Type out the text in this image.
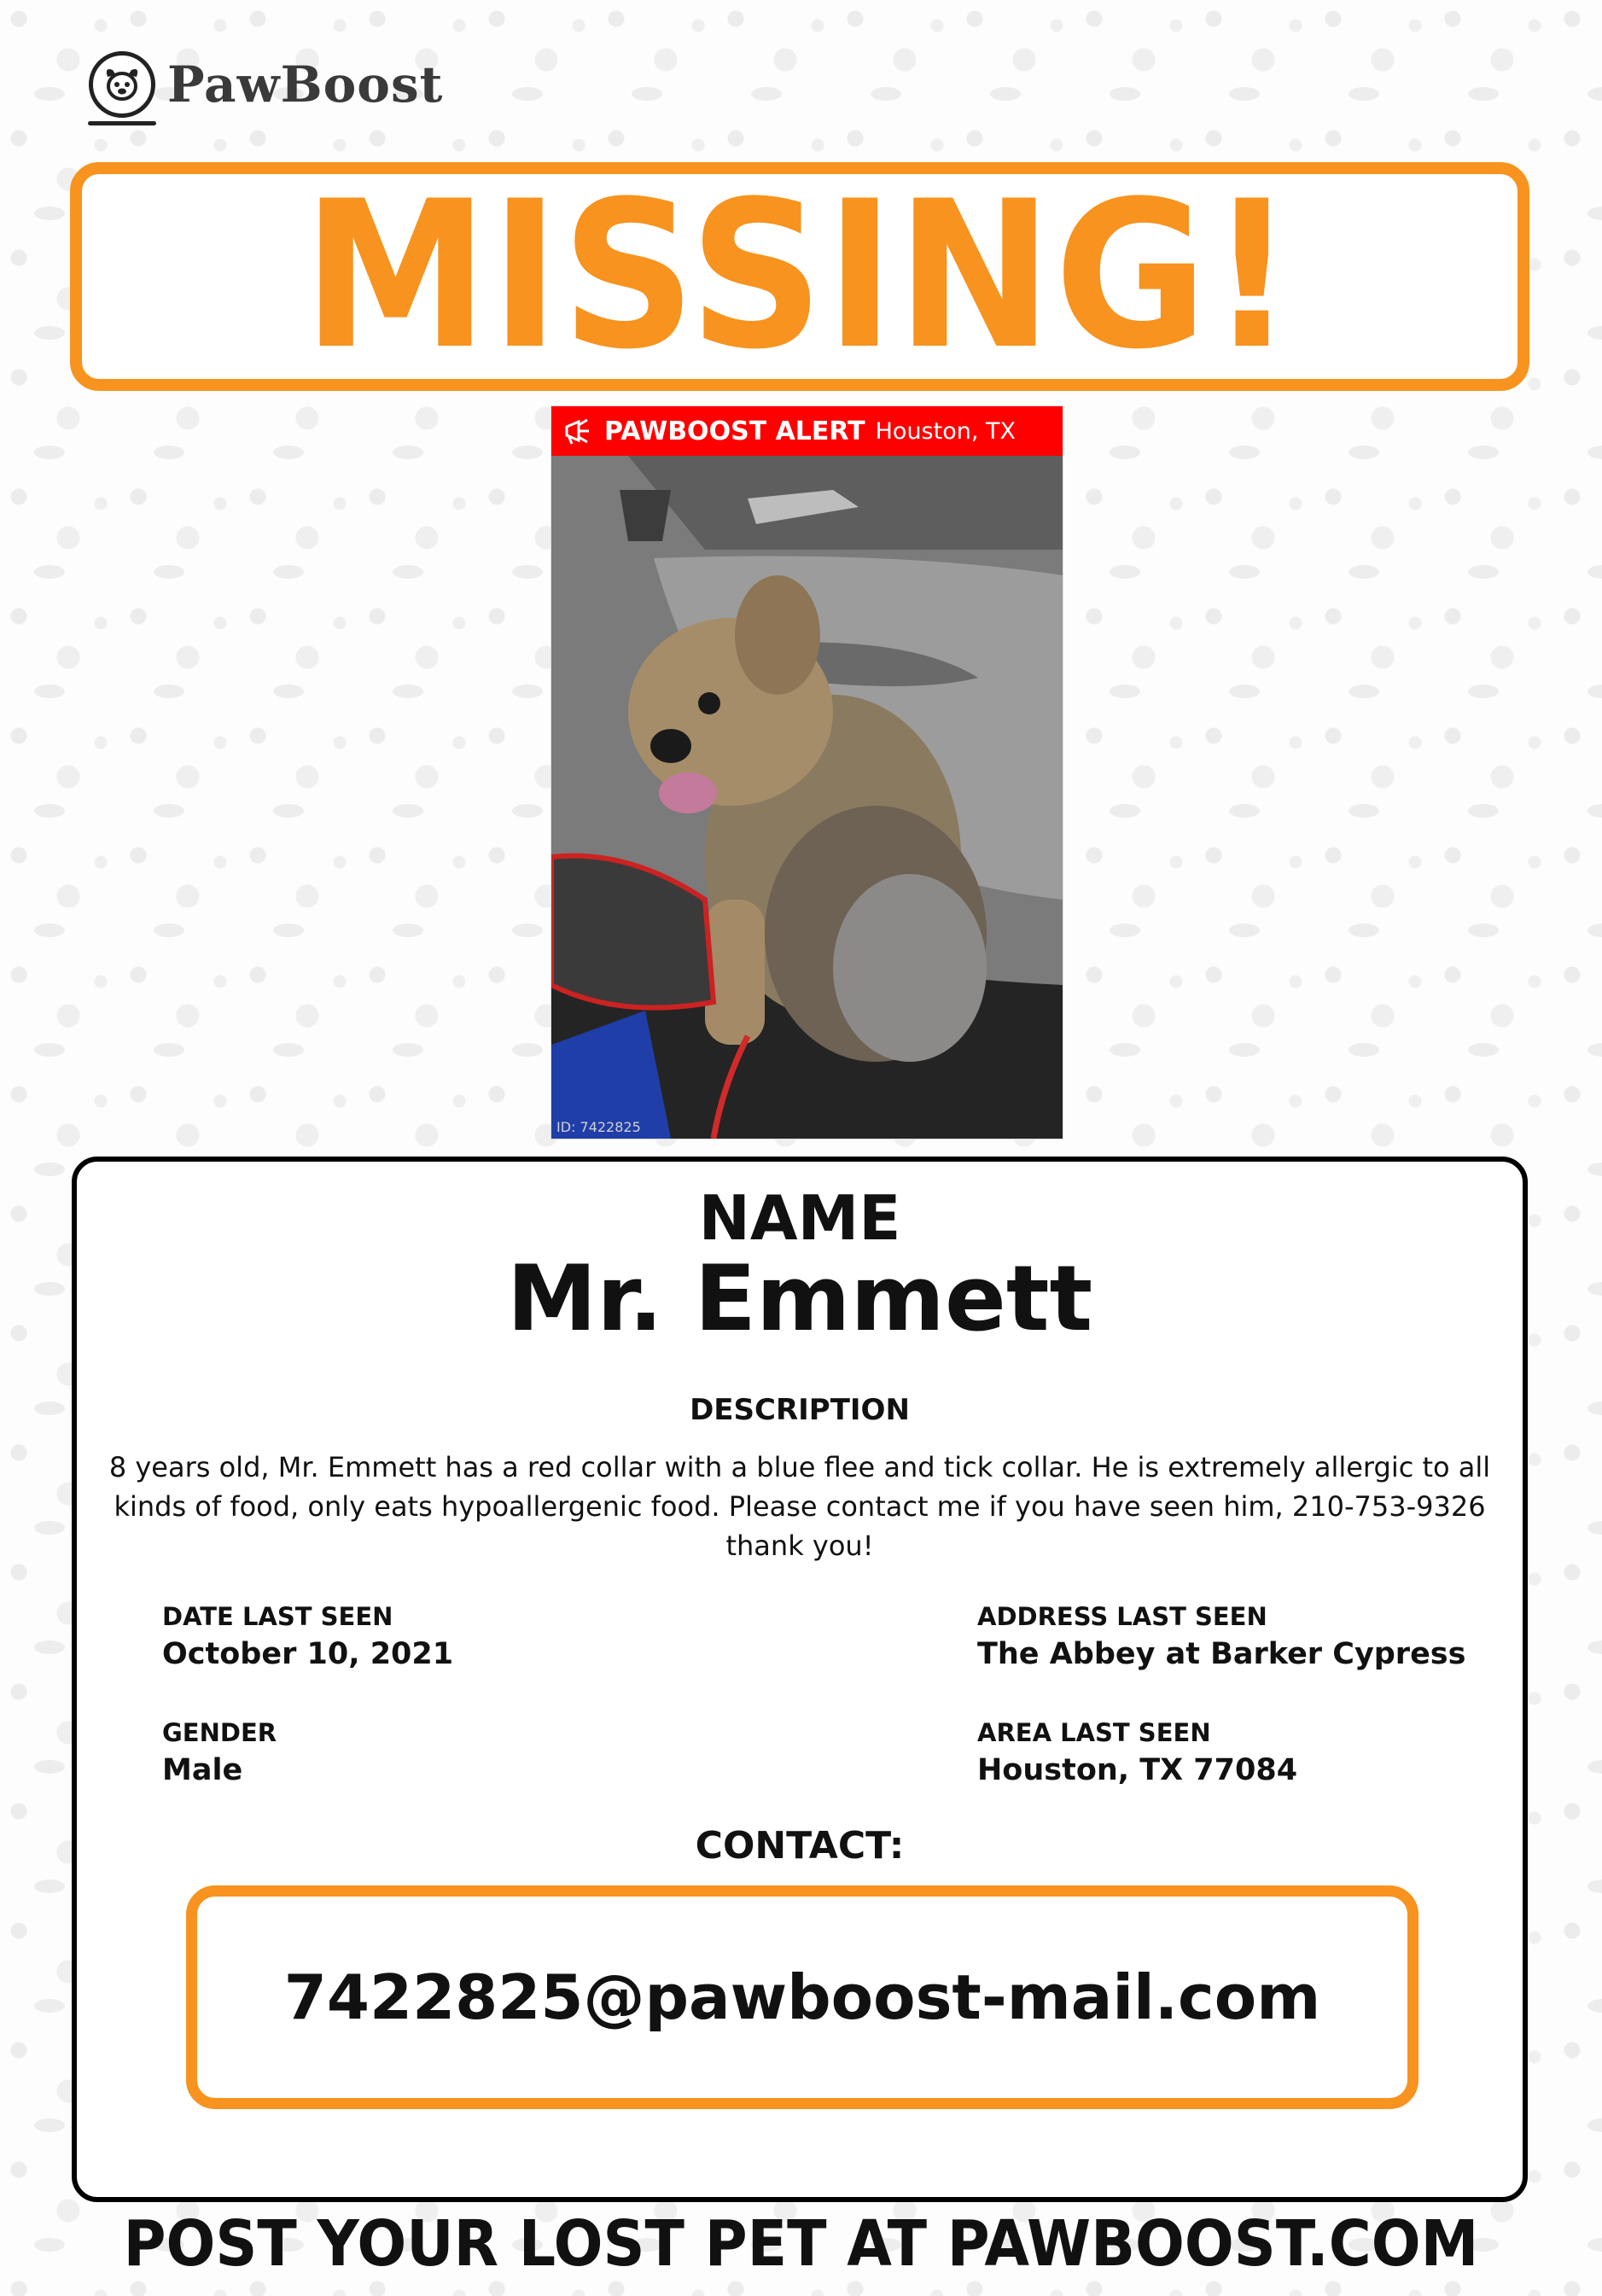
PawBoost
MISSING!
PAWBOOST ALERT Houston, TX
ID: 7422825
NAME
Mr. Emmett
DESCRIPTION
8 years old, Mr. Emmett has a red collar with a blue flee and tick collar. He is extremely allergic to all kinds of food, only eats hypoallergenic food. Please contact me if you have seen him, 210-753-9326 thank you!
DATE LAST SEEN
October 10, 2021
GENDER
Male
ADDRESS LAST SEEN
The Abbey at Barker Cypress
AREA LAST SEEN
Houston, TX 77084
CONTACT:
7422825@pawboost-mail.com
POST YOUR LOST PET AT PAWBOOST.COM
